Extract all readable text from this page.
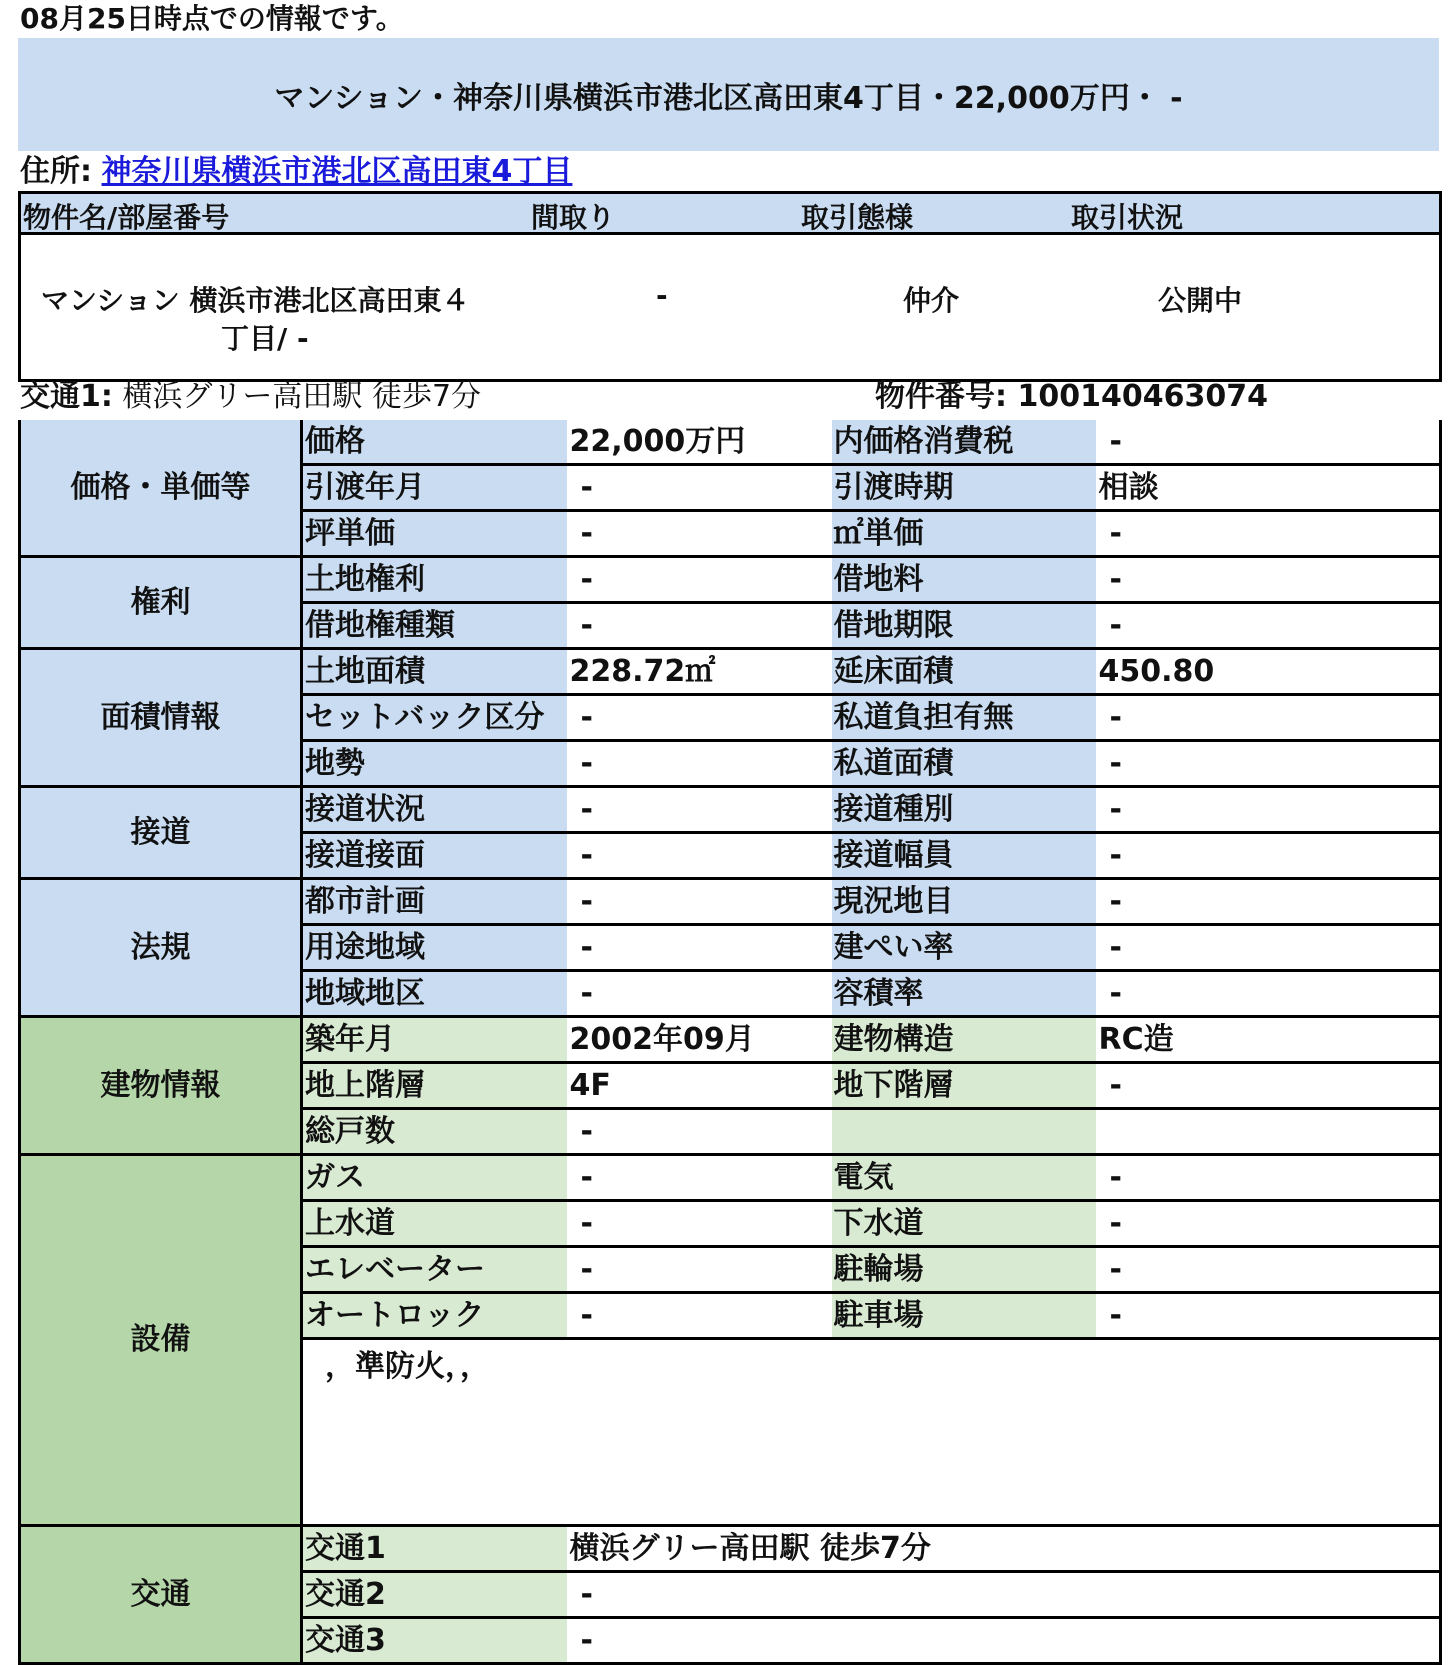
08月25日時点での情報です。
マンション・神奈川県横浜市港北区高田東4丁目・22,000万円・ -
住所: 神奈川県横浜市港北区高田東4丁目
物件名/部屋番号	間取り	取引態様	取引状況
マンション 横浜市港北区高田東４
丁目/ -
-	仲介	公開中
交通1: 横浜グリー高田駅 徒歩7分	物件番号: 100140463074
価格・単価等	価格	22,000万円	内価格消費税	-
	引渡年月	-	引渡時期	相談
	坪単価	-	㎡単価	-
権利	土地権利	-	借地料	-
	借地権種類	-	借地期限	-
面積情報	土地面積	228.72㎡	延床面積	450.80
	セットバック区分	-	私道負担有無	-
	地勢	-	私道面積	-
接道	接道状況	-	接道種別	-
	接道接面	-	接道幅員	-
法規	都市計画	-	現況地目	-
	用途地域	-	建ぺい率	-
	地域地区	-	容積率	-
建物情報	築年月	2002年09月	建物構造	RC造
	地上階層	4F	地下階層	-
	総戸数	-		
設備	ガス	-	電気	-
	上水道	-	下水道	-
	エレベーター	-	駐輪場	-
	オートロック	-	駐車場	-
	，準防火，，			
交通	交通1	横浜グリー高田駅 徒歩7分		
	交通2	-		
	交通3	-		
